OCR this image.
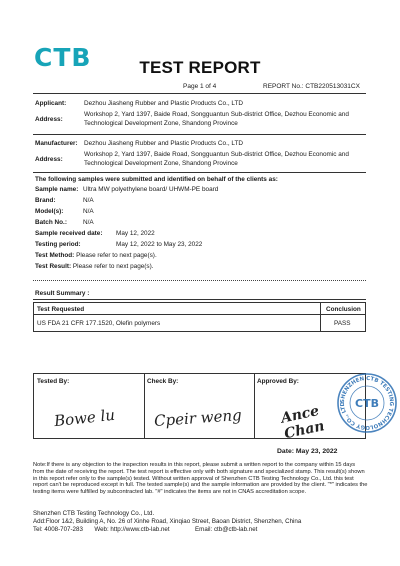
CTB	TEST REPORT
Page 1 of 4	REPORT No.: CTB220513031CX
Applicant:	Dezhou Jiasheng Rubber and Plastic Products Co., LTD
Address:
Workshop 2, Yard 1397, Baide Road, Songguantun Sub-district Office, Dezhou Economic and
Technological Development Zone, Shandong Province
Manufacturer: Dezhou Jiasheng Rubber and Plastic Products Co., LTD
Address:
Workshop 2, Yard 1397, Baide Road, Songguantun Sub-district Office, Dezhou Economic and
Technological Development Zone, Shandong Province
The following samples were submitted and identified on behalf of the clients as:
Sample name: Ultra MW polyethylene board/ UHWM-PE board
Brand:	N/A
Model(s):	N/A
Batch No.:	N/A
Sample received date: May 12, 2022
Testing period:	May 12, 2022 to May 23, 2022
Test Method: Please refer to next page(s).
Test Result: Please refer to next page(s).
Result Summary :
Test Requested	Conclusion
US FDA 21 CFR 177.1520, Olefin polymers	PASS
Tested By:	Check By:	Approved By:
Bowe lu	Cpeir weng	Ance Chan
SHENZHEN CTB TESTING TECHNOLOGY CO., LTD CTB
Date: May 23, 2022
Note:If there is any objection to the inspection results in this report, please submit a written report to the company within 15 days from the date of receiving the report. The test report is effective only with both signature and specialized stamp. This result(s) shown in this report refer only to the sample(s) tested. Without written approval of Shenzhen CTB Testing Technology Co., Ltd. this test report can't be reproduced except in full. The tested sample(s) and the sample information are provided by the client. "*" indicates the testing items were fulfilled by subcontracted lab. "#" indicates the items are not in CNAS accreditation scope.
Shenzhen CTB Testing Technology Co., Ltd.
Add:Floor 1&2, Building A, No. 26 of Xinhe Road, Xinqiao Street, Baoan District, Shenzhen, China
Tel: 4008-707-283 Web: http://www.ctb-lab.net	Email: ctb@ctb-lab.net
